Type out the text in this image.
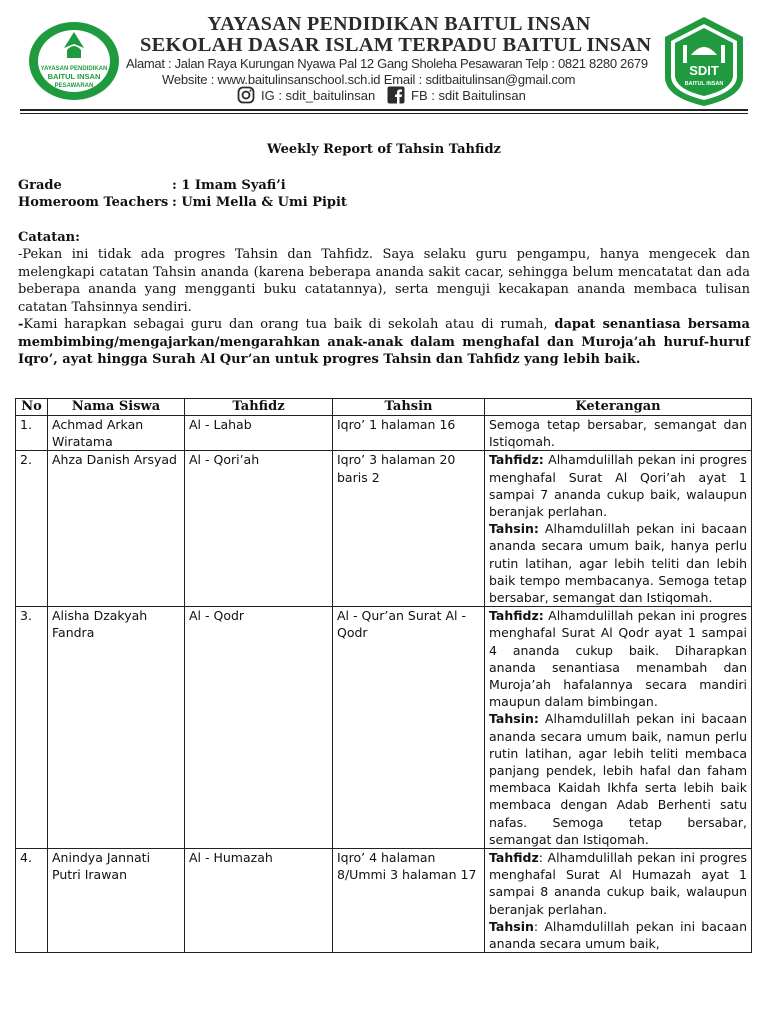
YAYASAN PENDIDIKAN
BAITUL INSAN
PESAWARAN
YAYASAN PENDIDIKAN BAITUL INSAN
SEKOLAH DASAR ISLAM TERPADU BAITUL INSAN
Alamat : Jalan Raya Kurungan Nyawa Pal 12 Gang Sholeha Pesawaran Telp : 0821 8280 2679
Website : www.baitulinsanschool.sch.id Email : sditbaitulinsan@gmail.com
IG : sdit_baitulinsan	FB : sdit Baitulinsan
SDIT
BAITUL INSAN
Weekly Report of Tahsin Tahfidz
Grade	: 1 Imam Syafi’i
Homeroom Teachers : Umi Mella & Umi Pipit
Catatan:

-Pekan ini tidak ada progres Tahsin dan Tahfidz. Saya selaku guru pengampu, hanya mengecek dan melengkapi catatan Tahsin ananda (karena beberapa ananda sakit cacar, sehingga belum mencatatat dan ada beberapa ananda yang mengganti buku catatannya), serta menguji kecakapan ananda membaca tulisan catatan Tahsinnya sendiri.

-Kami harapkan sebagai guru dan orang tua baik di sekolah atau di rumah, dapat senantiasa bersama membimbing/mengajarkan/mengarahkan anak-anak dalam menghafal dan Muroja’ah huruf-huruf Iqro’, ayat hingga Surah Al Qur’an untuk progres Tahsin dan Tahfidz yang lebih baik.

No	Nama Siswa	Tahfidz	Tahsin	Keterangan
1.	Achmad Arkan Wiratama	Al - Lahab	Iqro’ 1 halaman 16	Semoga tetap bersabar, semangat dan Istiqomah.
2.	Ahza Danish Arsyad	Al - Qori’ah	Iqro’ 3 halaman 20 baris 2	Tahfidz: Alhamdulillah pekan ini progres menghafal Surat Al Qori’ah ayat 1 sampai 7 ananda cukup baik, walaupun beranjak perlahan.

Tahsin: Alhamdulillah pekan ini bacaan ananda secara umum baik, hanya perlu rutin latihan, agar lebih teliti dan lebih baik tempo membacanya. Semoga tetap bersabar, semangat dan Istiqomah.

3.	Alisha Dzakyah Fandra	Al - Qodr	Al - Qur’an Surat Al - Qodr	Tahfidz: Alhamdulillah pekan ini progres menghafal Surat Al Qodr ayat 1 sampai 4 ananda cukup baik. Diharapkan ananda senantiasa menambah dan Muroja’ah hafalannya secara mandiri maupun dalam bimbingan.

Tahsin: Alhamdulillah pekan ini bacaan ananda secara umum baik, namun perlu rutin latihan, agar lebih teliti membaca panjang pendek, lebih hafal dan faham membaca Kaidah Ikhfa serta lebih baik membaca dengan Adab Berhenti satu nafas. Semoga tetap bersabar, semangat dan Istiqomah.

4.	Anindya Jannati Putri Irawan	Al - Humazah	Iqro’ 4 halaman 8/Ummi 3 halaman 17	Tahfidz: Alhamdulillah pekan ini progres menghafal Surat Al Humazah ayat 1 sampai 8 ananda cukup baik, walaupun beranjak perlahan.

Tahsin: Alhamdulillah pekan ini bacaan ananda secara umum baik,
